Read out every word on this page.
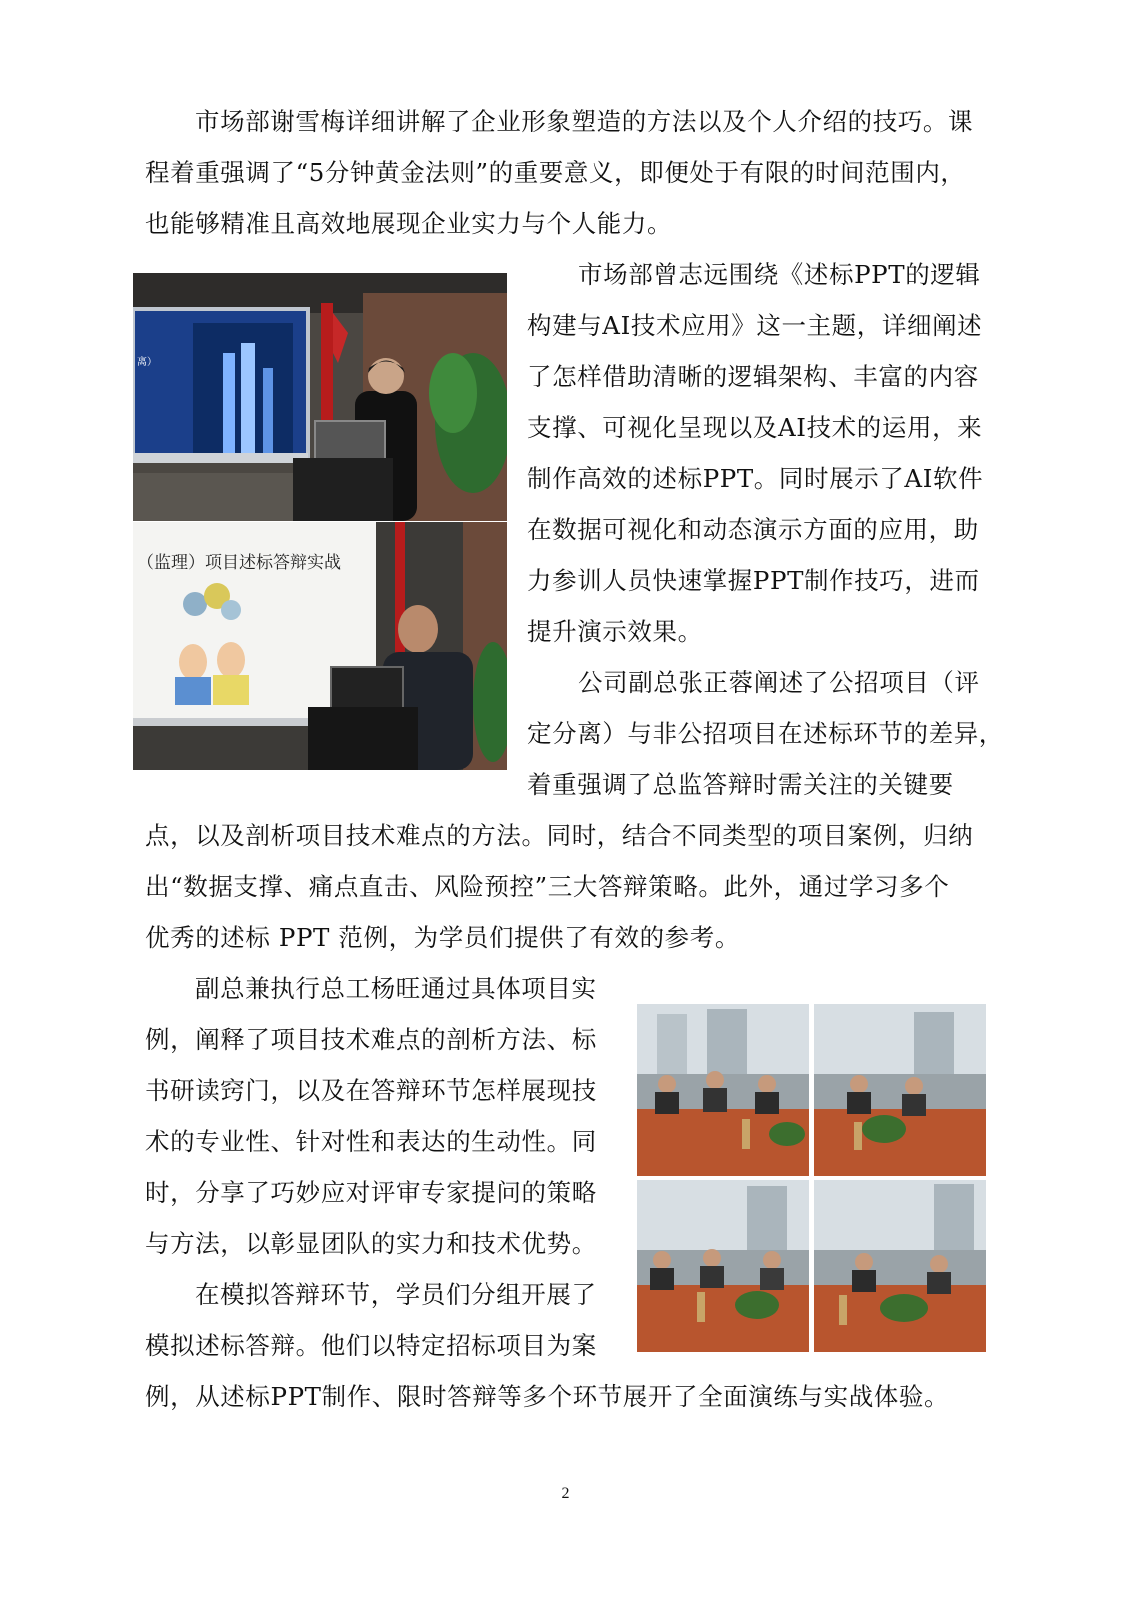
市场部谢雪梅详细讲解了企业形象塑造的方法以及个人介绍的技巧。课
程着重强调了“5分钟黄金法则”的重要意义，即便处于有限的时间范围内，
也能够精准且高效地展现企业实力与个人能力。
离）
（监理）项目述标答辩实战
市场部曾志远围绕《述标PPT的逻辑
构建与AI技术应用》这一主题，详细阐述
了怎样借助清晰的逻辑架构、丰富的内容
支撑、可视化呈现以及AI技术的运用，来
制作高效的述标PPT。同时展示了AI软件
在数据可视化和动态演示方面的应用，助
力参训人员快速掌握PPT制作技巧，进而
提升演示效果。
公司副总张正蓉阐述了公招项目（评
定分离）与非公招项目在述标环节的差异，
着重强调了总监答辩时需关注的关键要
点，以及剖析项目技术难点的方法。同时，结合不同类型的项目案例，归纳
出“数据支撑、痛点直击、风险预控”三大答辩策略。此外，通过学习多个
优秀的述标 PPT 范例，为学员们提供了有效的参考。
副总兼执行总工杨旺通过具体项目实
例，阐释了项目技术难点的剖析方法、标
书研读窍门，以及在答辩环节怎样展现技
术的专业性、针对性和表达的生动性。同
时，分享了巧妙应对评审专家提问的策略
与方法，以彰显团队的实力和技术优势。
在模拟答辩环节，学员们分组开展了
模拟述标答辩。他们以特定招标项目为案
例，从述标PPT制作、限时答辩等多个环节展开了全面演练与实战体验。
2
